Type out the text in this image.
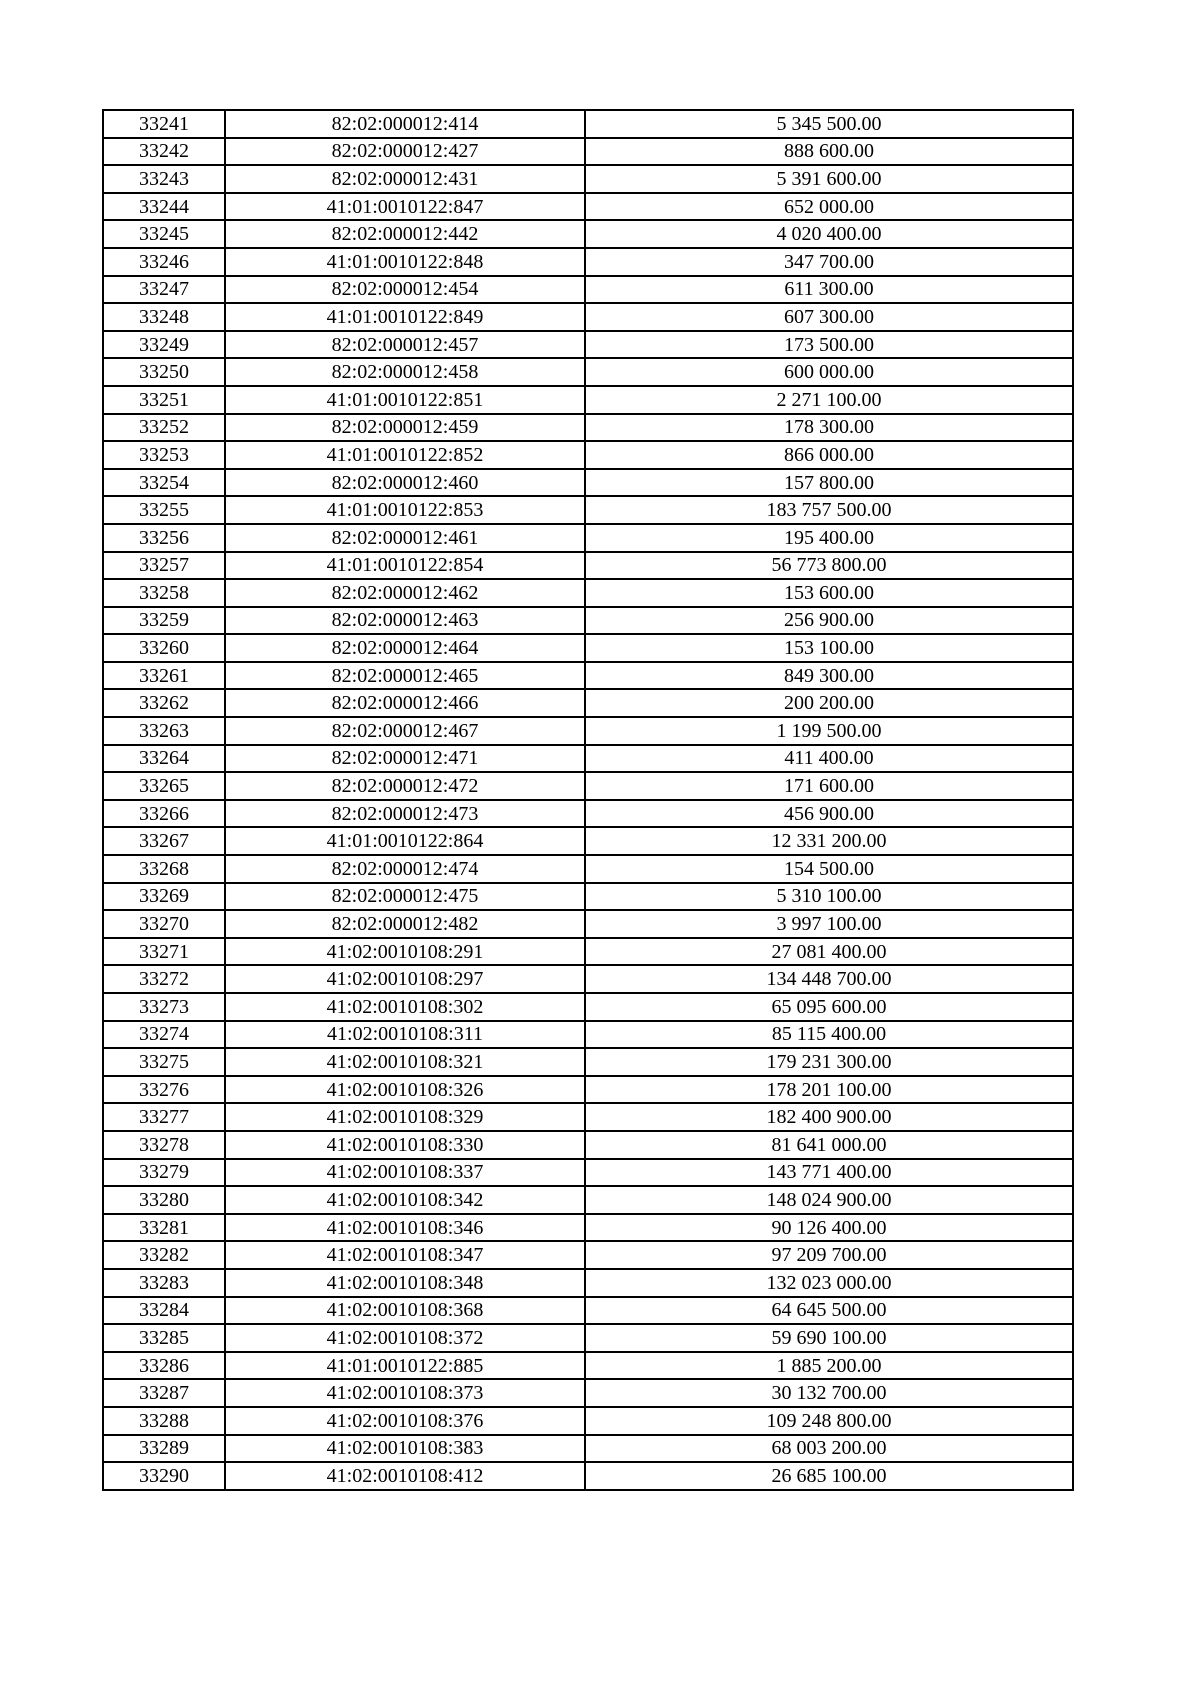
33241	82:02:000012:414	5 345 500.00
33242	82:02:000012:427	888 600.00
33243	82:02:000012:431	5 391 600.00
33244	41:01:0010122:847	652 000.00
33245	82:02:000012:442	4 020 400.00
33246	41:01:0010122:848	347 700.00
33247	82:02:000012:454	611 300.00
33248	41:01:0010122:849	607 300.00
33249	82:02:000012:457	173 500.00
33250	82:02:000012:458	600 000.00
33251	41:01:0010122:851	2 271 100.00
33252	82:02:000012:459	178 300.00
33253	41:01:0010122:852	866 000.00
33254	82:02:000012:460	157 800.00
33255	41:01:0010122:853	183 757 500.00
33256	82:02:000012:461	195 400.00
33257	41:01:0010122:854	56 773 800.00
33258	82:02:000012:462	153 600.00
33259	82:02:000012:463	256 900.00
33260	82:02:000012:464	153 100.00
33261	82:02:000012:465	849 300.00
33262	82:02:000012:466	200 200.00
33263	82:02:000012:467	1 199 500.00
33264	82:02:000012:471	411 400.00
33265	82:02:000012:472	171 600.00
33266	82:02:000012:473	456 900.00
33267	41:01:0010122:864	12 331 200.00
33268	82:02:000012:474	154 500.00
33269	82:02:000012:475	5 310 100.00
33270	82:02:000012:482	3 997 100.00
33271	41:02:0010108:291	27 081 400.00
33272	41:02:0010108:297	134 448 700.00
33273	41:02:0010108:302	65 095 600.00
33274	41:02:0010108:311	85 115 400.00
33275	41:02:0010108:321	179 231 300.00
33276	41:02:0010108:326	178 201 100.00
33277	41:02:0010108:329	182 400 900.00
33278	41:02:0010108:330	81 641 000.00
33279	41:02:0010108:337	143 771 400.00
33280	41:02:0010108:342	148 024 900.00
33281	41:02:0010108:346	90 126 400.00
33282	41:02:0010108:347	97 209 700.00
33283	41:02:0010108:348	132 023 000.00
33284	41:02:0010108:368	64 645 500.00
33285	41:02:0010108:372	59 690 100.00
33286	41:01:0010122:885	1 885 200.00
33287	41:02:0010108:373	30 132 700.00
33288	41:02:0010108:376	109 248 800.00
33289	41:02:0010108:383	68 003 200.00
33290	41:02:0010108:412	26 685 100.00
